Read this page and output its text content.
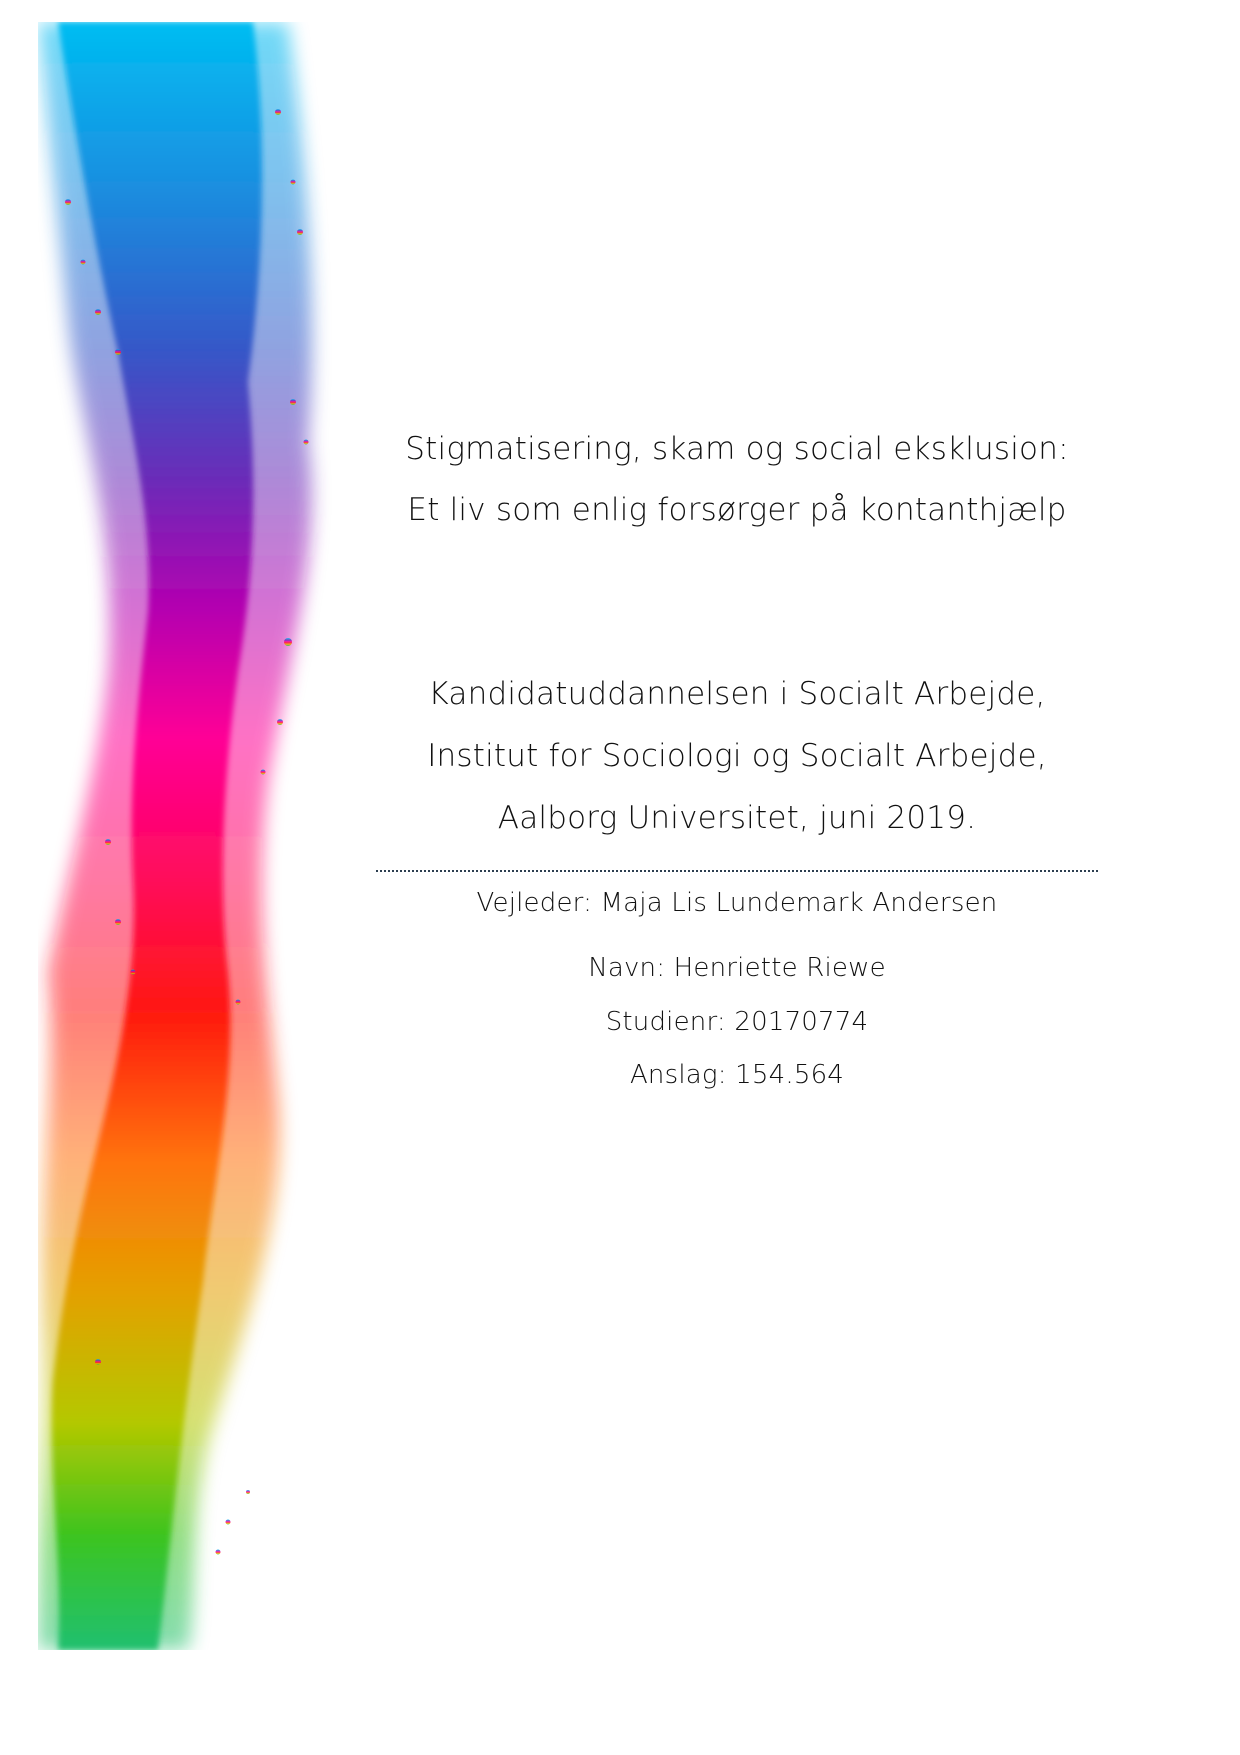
Stigmatisering, skam og social eksklusion:
Et liv som enlig forsørger på kontanthjælp
Kandidatuddannelsen i Socialt Arbejde,
Institut for Sociologi og Socialt Arbejde,
Aalborg Universitet, juni 2019.
Vejleder: Maja Lis Lundemark Andersen
Navn: Henriette Riewe
Studienr: 20170774
Anslag: 154.564
